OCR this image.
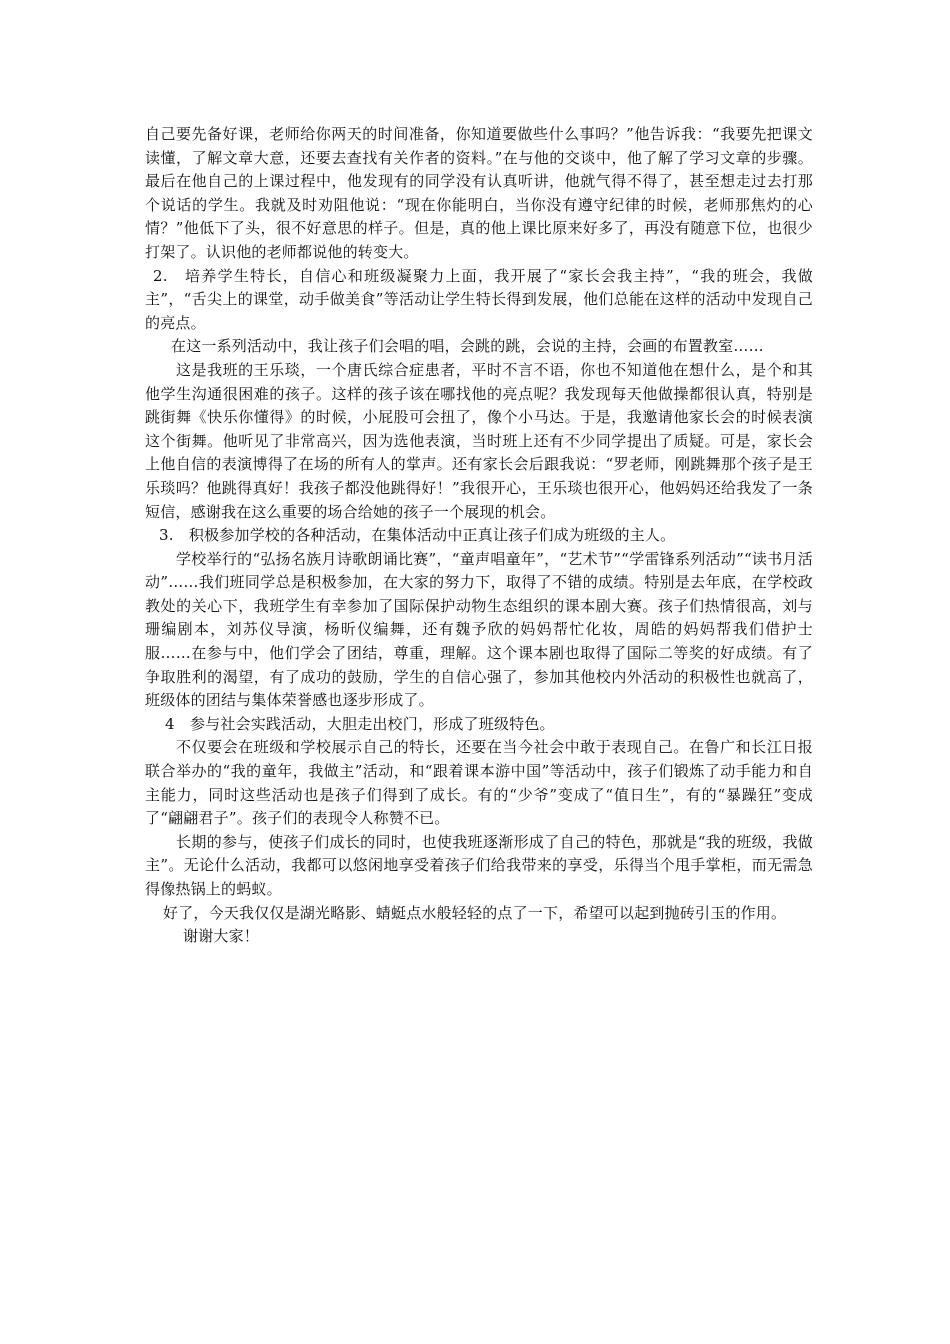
自己要先备好课，老师给你两天的时间准备，你知道要做些什么事吗？”他告诉我：“我要先把课文读懂，了解文章大意，还要去查找有关作者的资料。”在与他的交谈中，他了解了学习文章的步骤。最后在他自己的上课过程中，他发现有的同学没有认真听讲，他就气得不得了，甚至想走过去打那个说话的学生。我就及时劝阻他说：“现在你能明白，当你没有遵守纪律的时候，老师那焦灼的心情？”他低下了头，很不好意思的样子。但是，真的他上课比原来好多了，再没有随意下位，也很少打架了。认识他的老师都说他的转变大。

2.　培养学生特长，自信心和班级凝聚力上面，我开展了“家长会我主持”，“我的班会，我做主”，“舌尖上的课堂，动手做美食”等活动让学生特长得到发展，他们总能在这样的活动中发现自己的亮点。

在这一系列活动中，我让孩子们会唱的唱，会跳的跳，会说的主持，会画的布置教室……

这是我班的王乐琰，一个唐氏综合症患者，平时不言不语，你也不知道他在想什么，是个和其他学生沟通很困难的孩子。这样的孩子该在哪找他的亮点呢？我发现每天他做操都很认真，特别是跳街舞《快乐你懂得》的时候，小屁股可会扭了，像个小马达。于是，我邀请他家长会的时候表演这个街舞。他听见了非常高兴，因为选他表演，当时班上还有不少同学提出了质疑。可是，家长会上他自信的表演博得了在场的所有人的掌声。还有家长会后跟我说：“罗老师，刚跳舞那个孩子是王乐琰吗？他跳得真好！我孩子都没他跳得好！”我很开心，王乐琰也很开心，他妈妈还给我发了一条短信，感谢我在这么重要的场合给她的孩子一个展现的机会。

3.　积极参加学校的各种活动，在集体活动中正真让孩子们成为班级的主人。

学校举行的“弘扬名族月诗歌朗诵比赛”，“童声唱童年”，“艺术节”“学雷锋系列活动”“读书月活动”……我们班同学总是积极参加，在大家的努力下，取得了不错的成绩。特别是去年底，在学校政教处的关心下，我班学生有幸参加了国际保护动物生态组织的课本剧大赛。孩子们热情很高，刘与珊编剧本，刘苏仪导演，杨昕仪编舞，还有魏予欣的妈妈帮忙化妆，周皓的妈妈帮我们借护士服……在参与中，他们学会了团结，尊重，理解。这个课本剧也取得了国际二等奖的好成绩。有了争取胜利的渴望，有了成功的鼓励，学生的自信心强了，参加其他校内外活动的积极性也就高了，班级体的团结与集体荣誉感也逐步形成了。

4　参与社会实践活动，大胆走出校门，形成了班级特色。

不仅要会在班级和学校展示自己的特长，还要在当今社会中敢于表现自己。在鲁广和长江日报联合举办的“我的童年，我做主”活动，和“跟着课本游中国”等活动中，孩子们锻炼了动手能力和自主能力，同时这些活动也是孩子们得到了成长。有的“少爷”变成了“值日生”，有的“暴躁狂”变成了“翩翩君子”。孩子们的表现令人称赞不已。

长期的参与，使孩子们成长的同时，也使我班逐渐形成了自己的特色，那就是“我的班级，我做主”。无论什么活动，我都可以悠闲地享受着孩子们给我带来的享受，乐得当个甩手掌柜，而无需急得像热锅上的蚂蚁。

好了，今天我仅仅是湖光略影、蜻蜓点水般轻轻的点了一下，希望可以起到抛砖引玉的作用。

谢谢大家！
